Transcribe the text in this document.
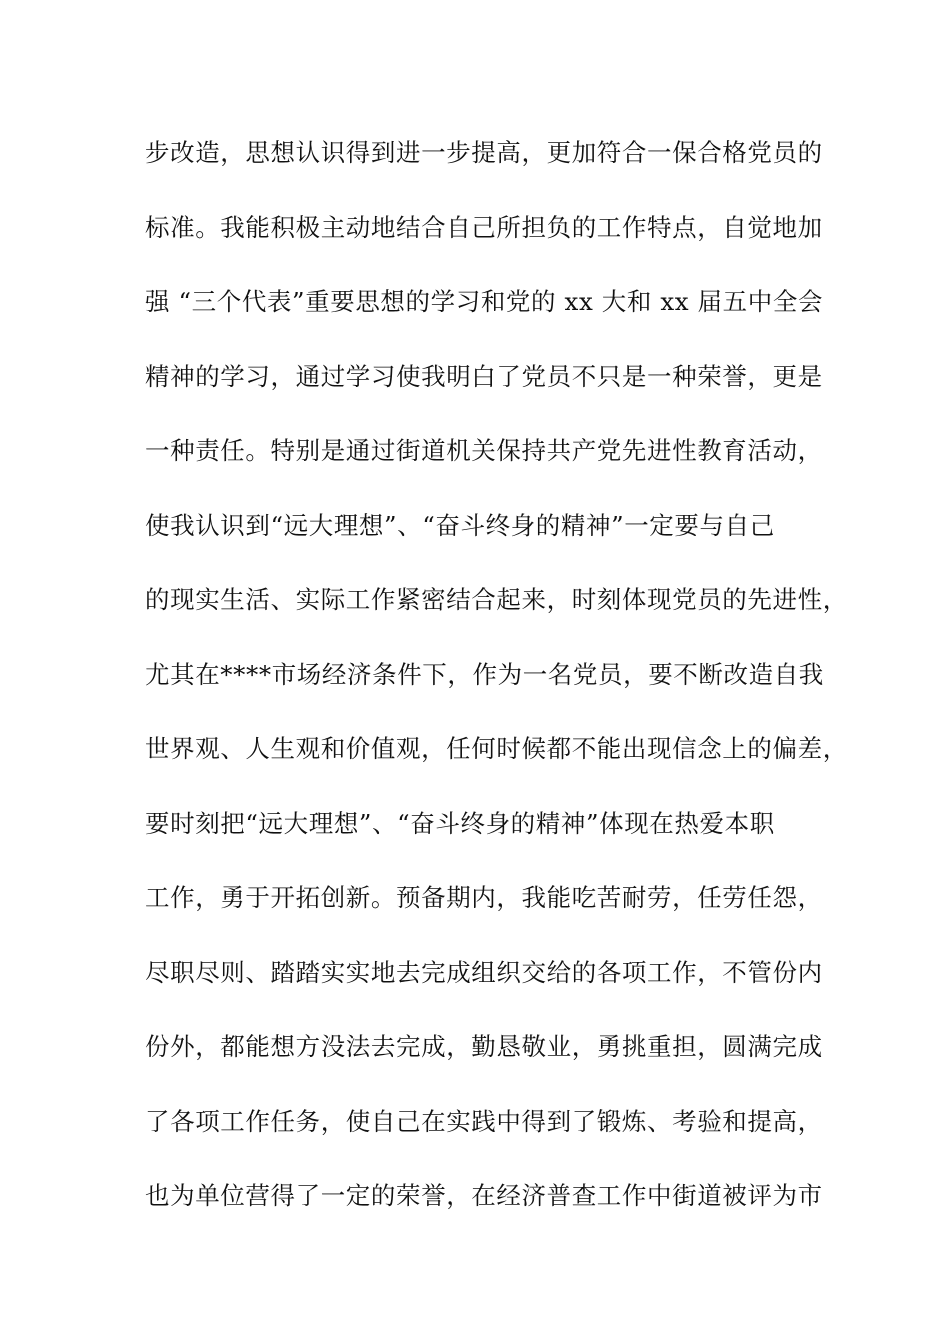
步改造，思想认识得到进一步提高，更加符合一保合格党员的
标准。我能积极主动地结合自己所担负的工作特点，自觉地加
强 “三个代表”重要思想的学习和党的 xx 大和 xx 届五中全会
精神的学习，通过学习使我明白了党员不只是一种荣誉，更是
一种责任。特别是通过街道机关保持共产党先进性教育活动，
使我认识到“远大理想”、“奋斗终身的精神”一定要与自己
的现实生活、实际工作紧密结合起来，时刻体现党员的先进性，
尤其在****市场经济条件下，作为一名党员，要不断改造自我
世界观、人生观和价值观，任何时候都不能出现信念上的偏差，
要时刻把“远大理想”、“奋斗终身的精神”体现在热爱本职
工作，勇于开拓创新。预备期内，我能吃苦耐劳，任劳任怨，
尽职尽则、踏踏实实地去完成组织交给的各项工作，不管份内
份外，都能想方没法去完成，勤恳敬业，勇挑重担，圆满完成
了各项工作任务，使自己在实践中得到了锻炼、考验和提高，
也为单位营得了一定的荣誉，在经济普查工作中街道被评为市
